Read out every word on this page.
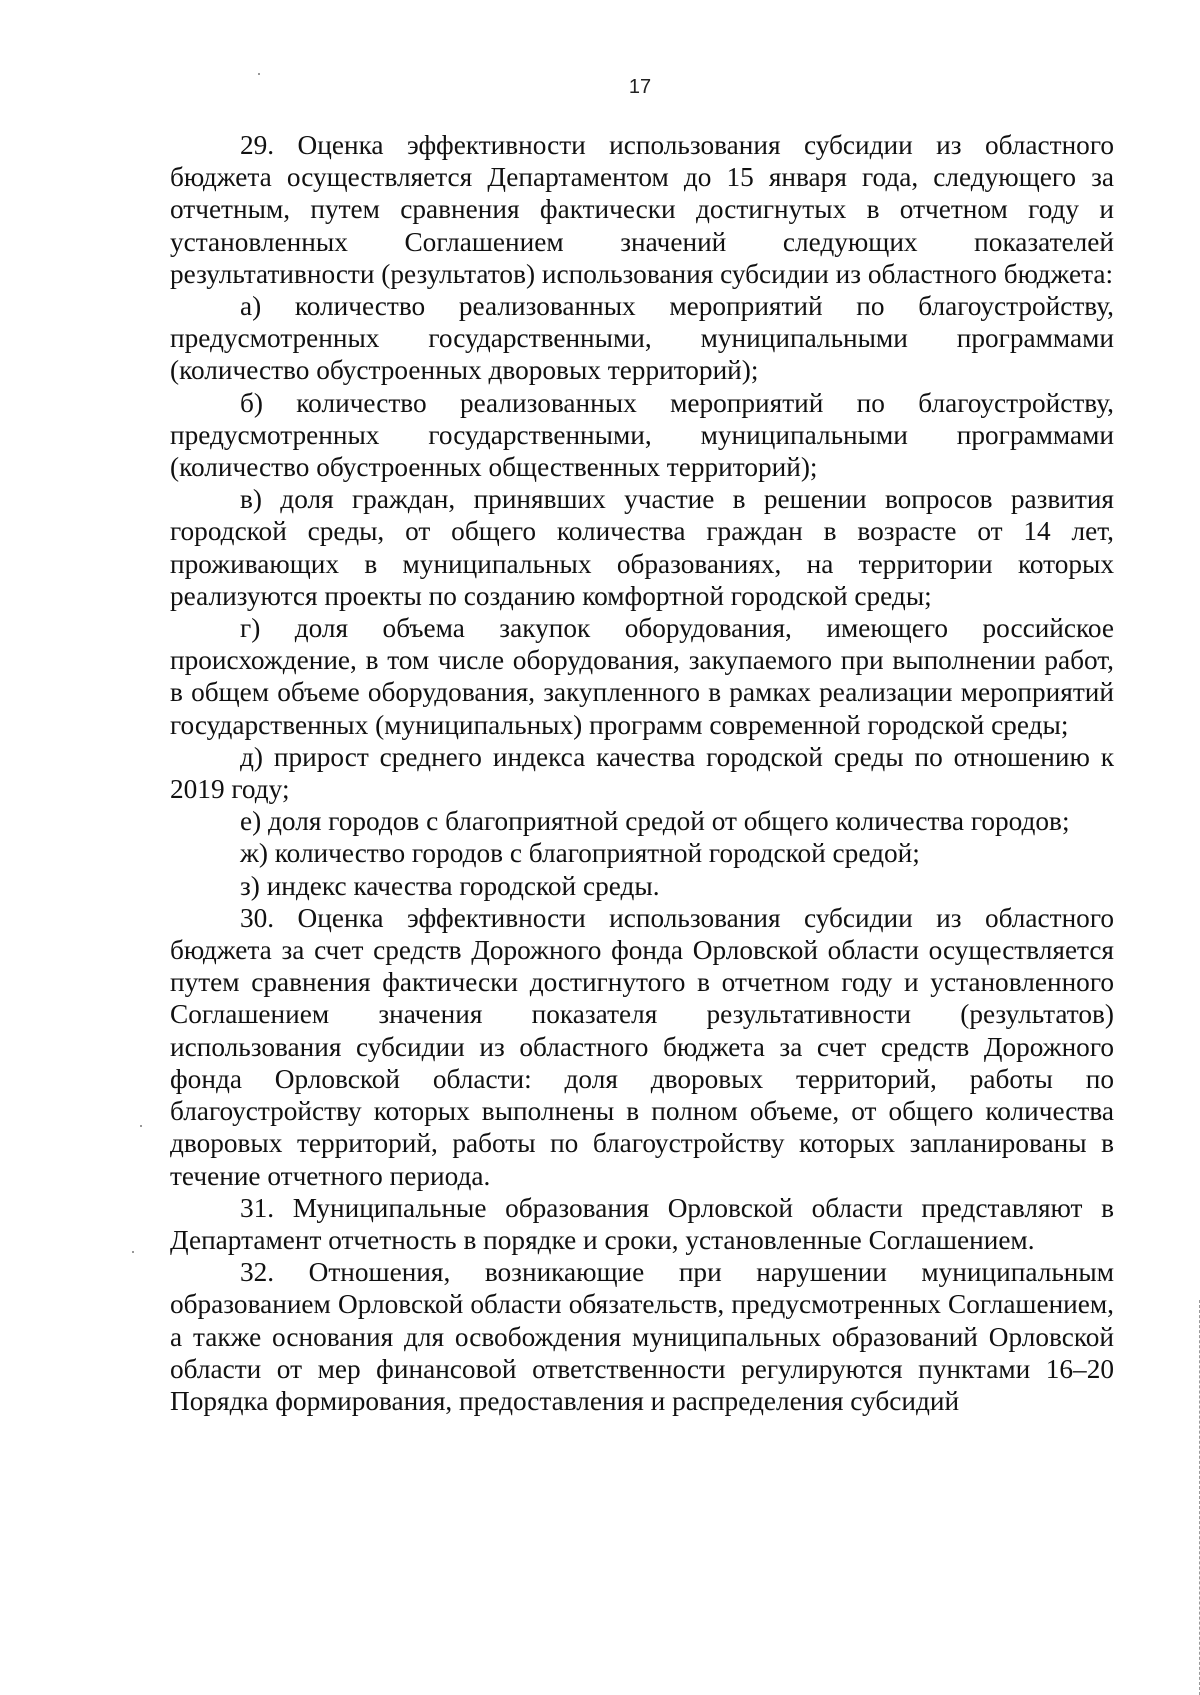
17

29. Оценка эффективности использования субсидии из областного бюджета осуществляется Департаментом до 15 января года, следующего за отчетным, путем сравнения фактически достигнутых в отчетном году и установленных Соглашением значений следующих показателей результативности (результатов) использования субсидии из областного бюджета:

а) количество реализованных мероприятий по благоустройству, предусмотренных государственными, муниципальными программами (количество обустроенных дворовых территорий);

б) количество реализованных мероприятий по благоустройству, предусмотренных государственными, муниципальными программами (количество обустроенных общественных территорий);

в) доля граждан, принявших участие в решении вопросов развития городской среды, от общего количества граждан в возрасте от 14 лет, проживающих в муниципальных образованиях, на территории которых реализуются проекты по созданию комфортной городской среды;

г) доля объема закупок оборудования, имеющего российское происхождение, в том числе оборудования, закупаемого при выполнении работ, в общем объеме оборудования, закупленного в рамках реализации мероприятий государственных (муниципальных) программ современной городской среды;

д) прирост среднего индекса качества городской среды по отношению к 2019 году;

е) доля городов с благоприятной средой от общего количества городов;

ж) количество городов с благоприятной городской средой;

з) индекс качества городской среды.

30. Оценка эффективности использования субсидии из областного бюджета за счет средств Дорожного фонда Орловской области осуществляется путем сравнения фактически достигнутого в отчетном году и установленного Соглашением значения показателя результативности (результатов) использования субсидии из областного бюджета за счет средств Дорожного фонда Орловской области: доля дворовых территорий, работы по благоустройству которых выполнены в полном объеме, от общего количества дворовых территорий, работы по благоустройству которых запланированы в течение отчетного периода.

31. Муниципальные образования Орловской области представляют в Департамент отчетность в порядке и сроки, установленные Соглашением.

32. Отношения, возникающие при нарушении муниципальным образованием Орловской области обязательств, предусмотренных Соглашением, а также основания для освобождения муниципальных образований Орловской области от мер финансовой ответственности регулируются пунктами 16–20 Порядка формирования, предоставления и распределения субсидий
